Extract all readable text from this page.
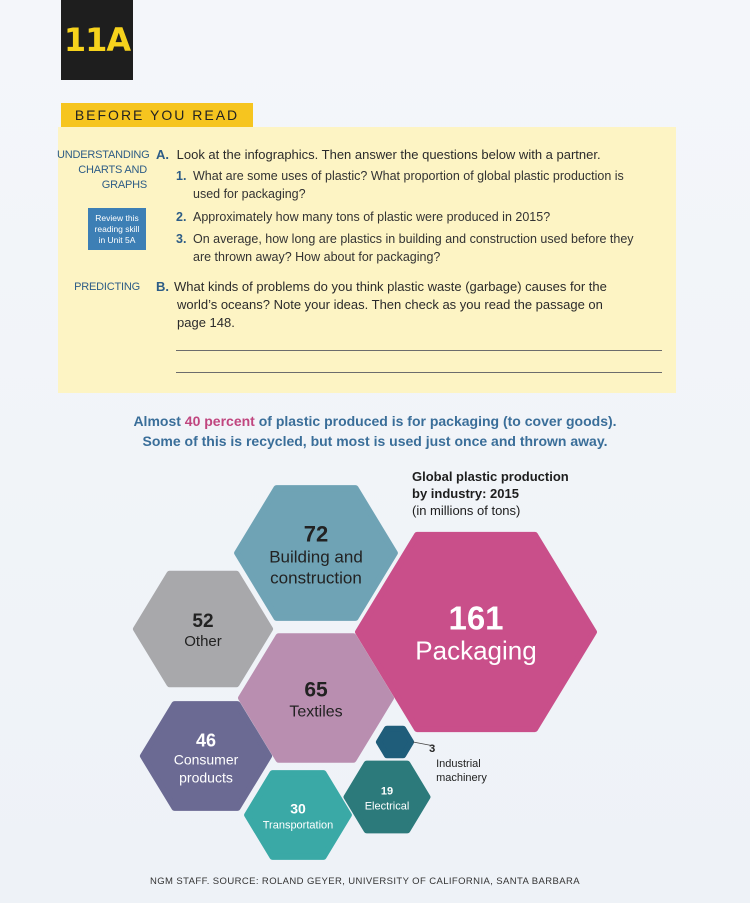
11A
BEFORE YOU READ
UNDERSTANDING
CHARTS AND
GRAPHS
Review this
reading skill
in Unit 5A
PREDICTING
A. Look at the infographics. Then answer the questions below with a partner.
1. What are some uses of plastic? What proportion of global plastic production is
used for packaging?
2. Approximately how many tons of plastic were produced in 2015?
3. On average, how long are plastics in building and construction used before they
are thrown away? How about for packaging?
B. What kinds of problems do you think plastic waste (garbage) causes for the
world’s oceans? Note your ideas. Then check as you read the passage on
page 148.
Almost 40 percent of plastic produced is for packaging (to cover goods).
Some of this is recycled, but most is used just once and thrown away.
Global plastic production
by industry: 2015
(in millions of tons)
161
Packaging
72
Building and
construction
65
Textiles
52
Other
46
Consumer
products
30
Transportation
19
Electrical
3
Industrial
machinery
NGM STAFF. SOURCE: ROLAND GEYER, UNIVERSITY OF CALIFORNIA, SANTA BARBARA
